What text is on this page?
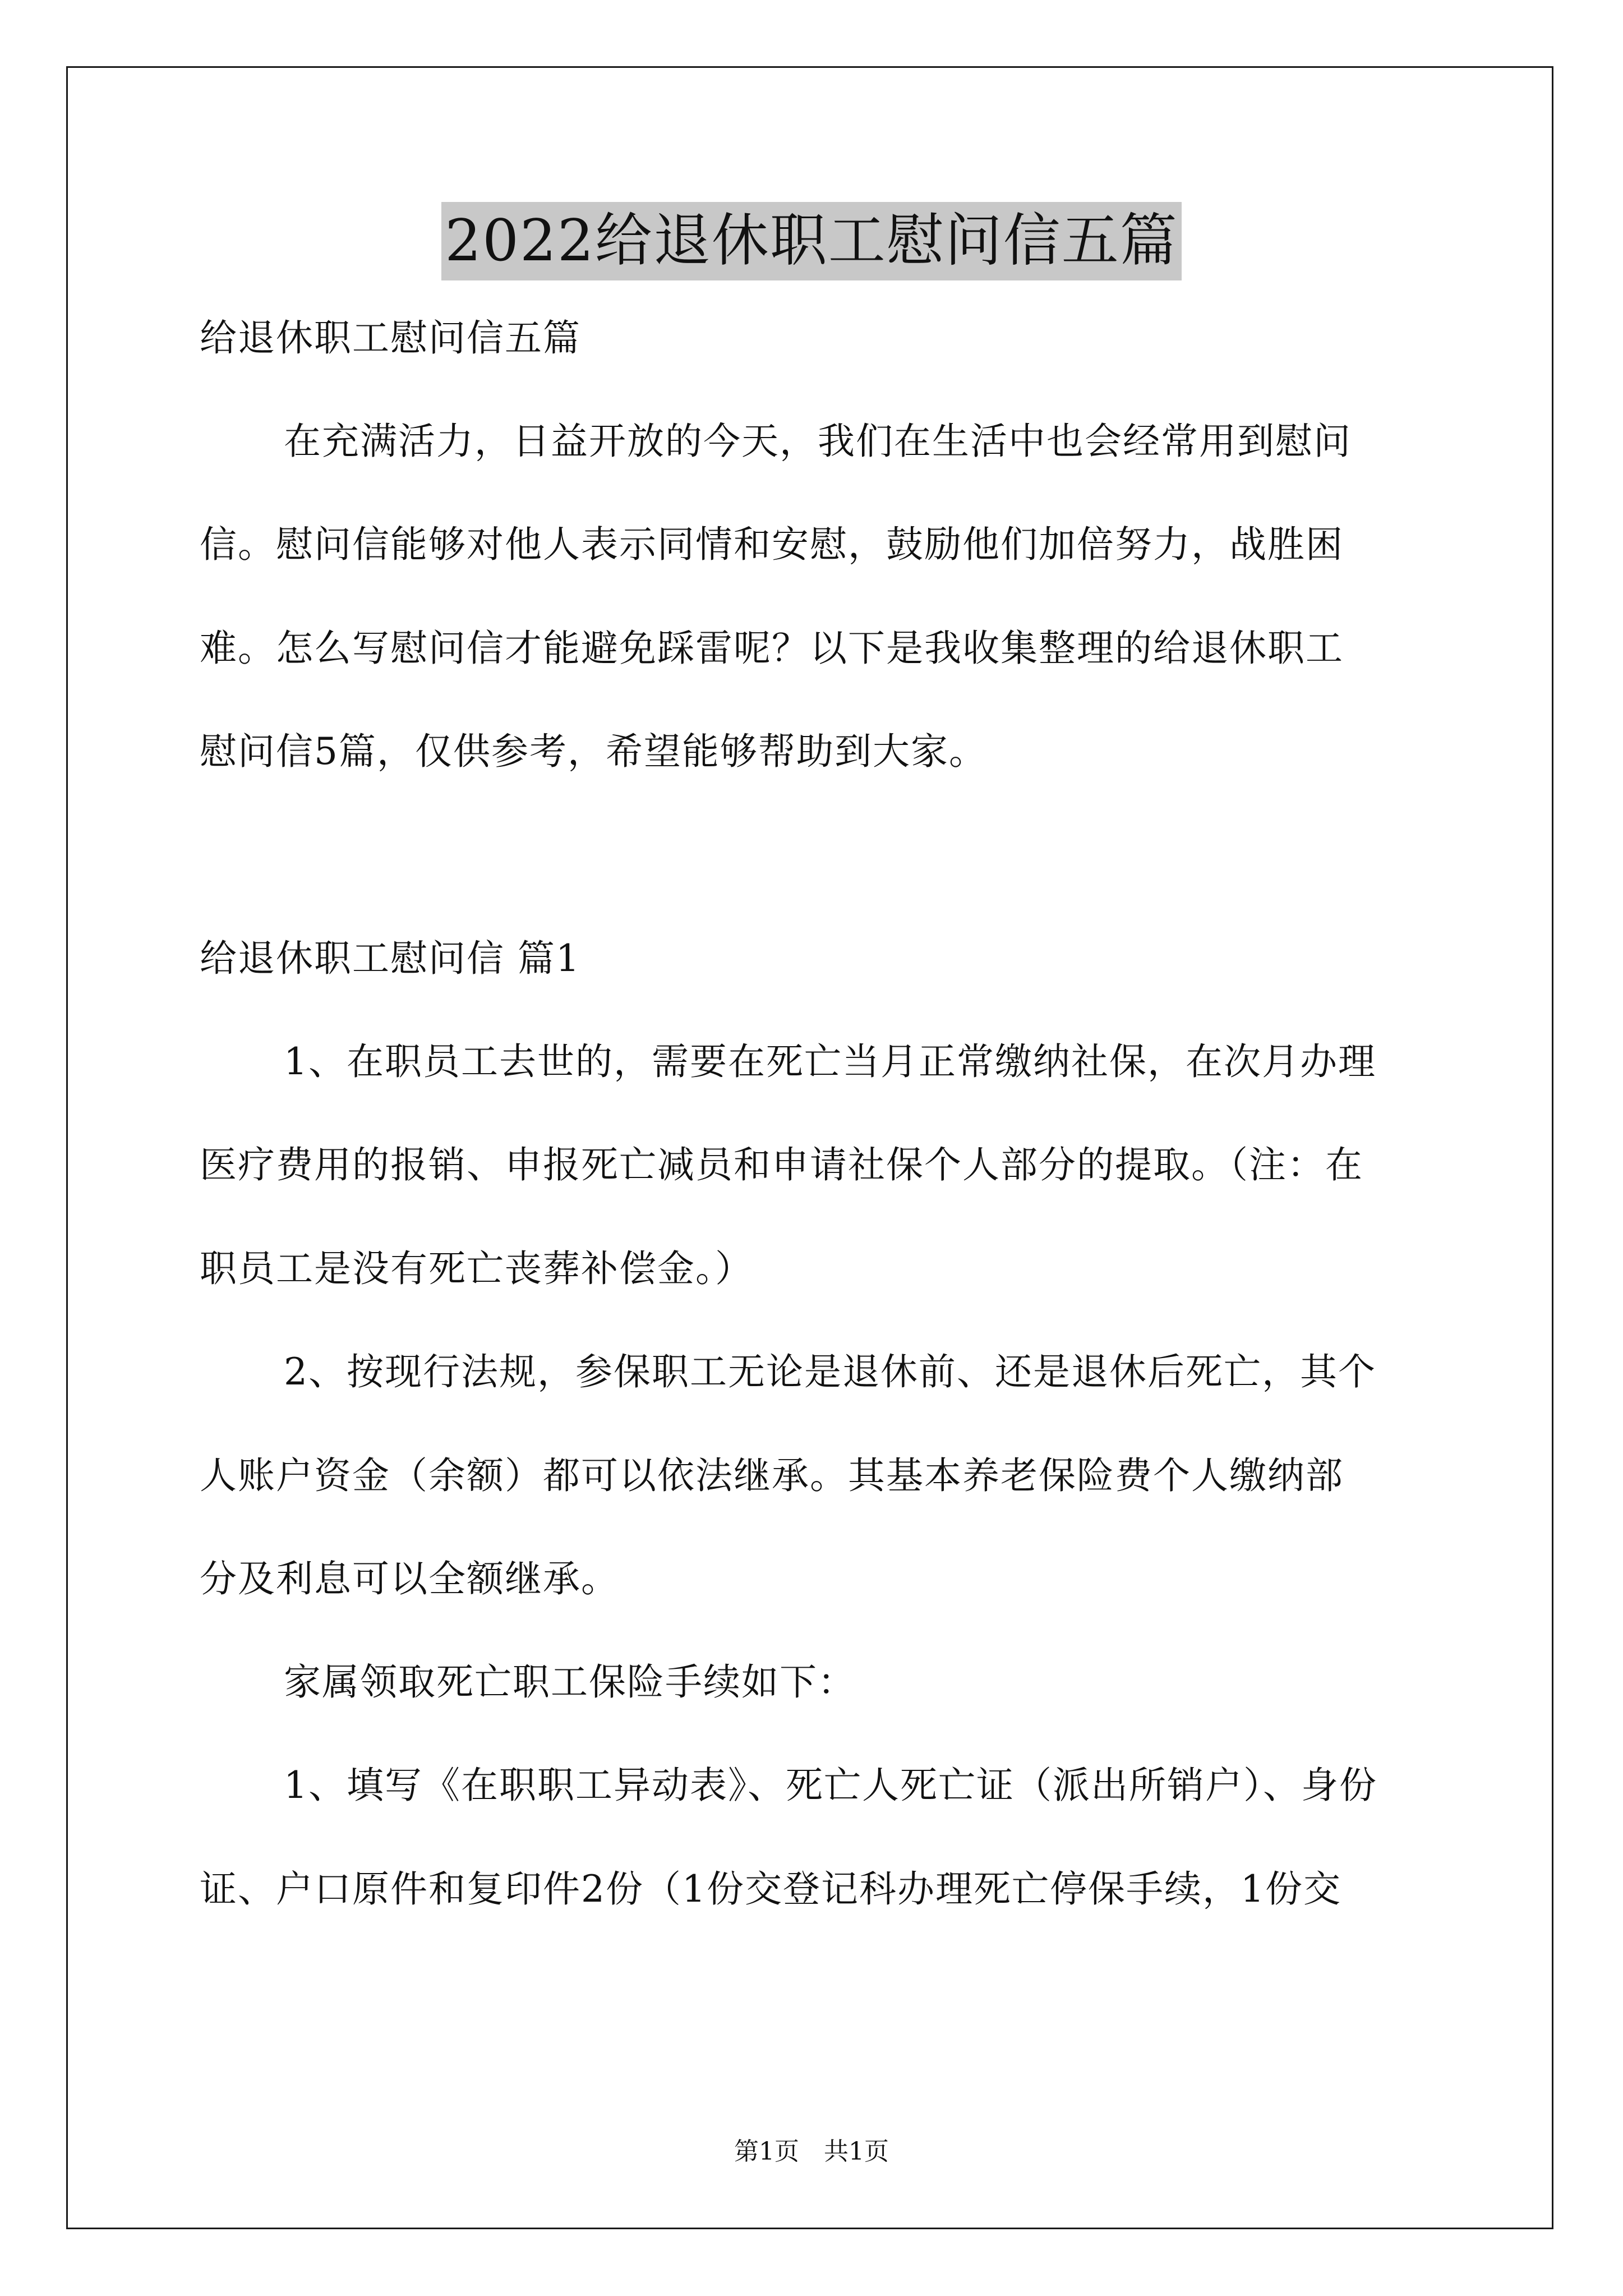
2022给退休职工慰问信五篇
给退休职工慰问信五篇
在充满活力，日益开放的今天，我们在生活中也会经常用到慰问
信。慰问信能够对他人表示同情和安慰，鼓励他们加倍努力，战胜困
难。怎么写慰问信才能避免踩雷呢？以下是我收集整理的给退休职工
慰问信5篇，仅供参考，希望能够帮助到大家。
给退休职工慰问信 篇1
1、在职员工去世的，需要在死亡当月正常缴纳社保，在次月办理
医疗费用的报销、申报死亡减员和申请社保个人部分的提取。（注：在
职员工是没有死亡丧葬补偿金。）
2、按现行法规，参保职工无论是退休前、还是退休后死亡，其个
人账户资金（余额）都可以依法继承。其基本养老保险费个人缴纳部
分及利息可以全额继承。
家属领取死亡职工保险手续如下：
1、填写《在职职工异动表》、死亡人死亡证（派出所销户）、身份
证、户口原件和复印件2份（1份交登记科办理死亡停保手续，1份交
第1页　共1页
